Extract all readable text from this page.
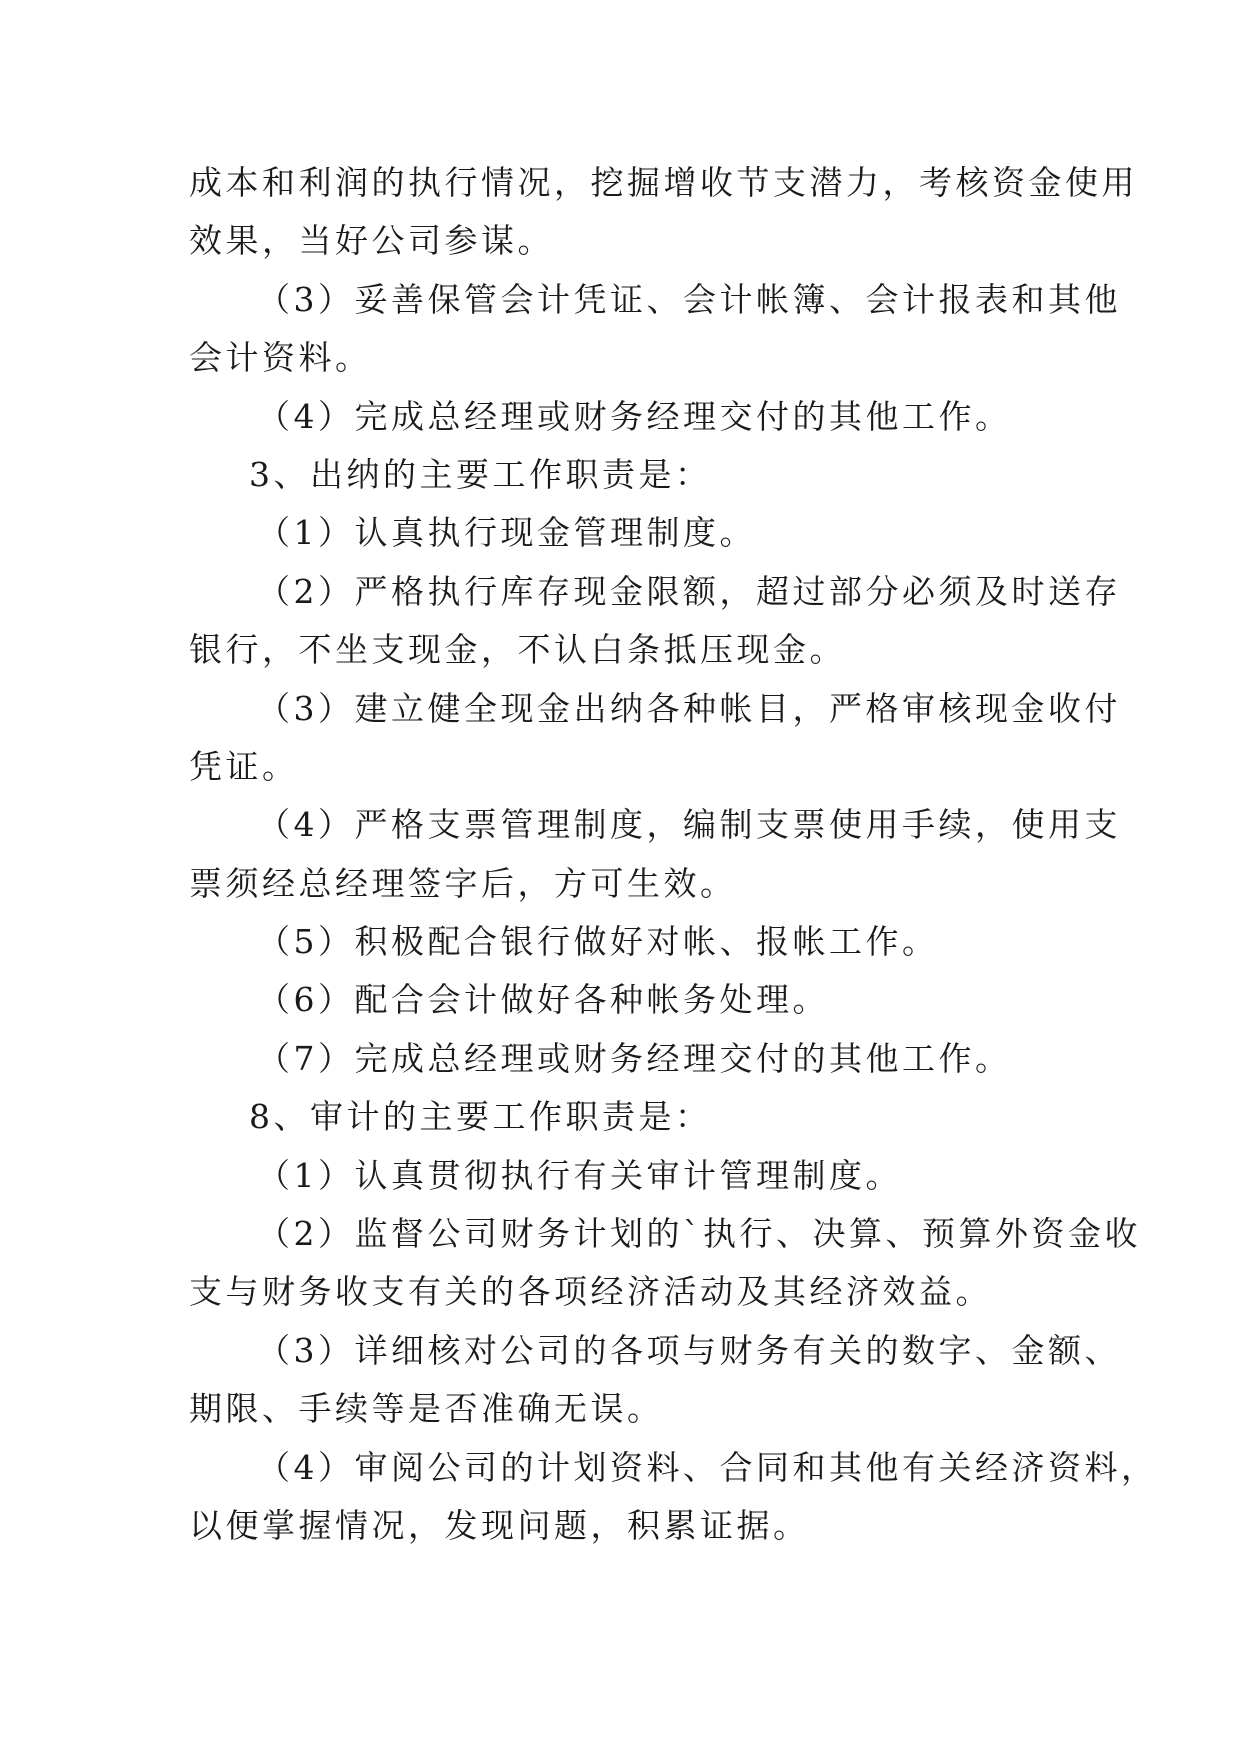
成本和利润的执行情况，挖掘增收节支潜力，考核资金使用
效果，当好公司参谋。
（3）妥善保管会计凭证、会计帐簿、会计报表和其他
会计资料。
（4）完成总经理或财务经理交付的其他工作。
3、出纳的主要工作职责是：
（1）认真执行现金管理制度。
（2）严格执行库存现金限额，超过部分必须及时送存
银行，不坐支现金，不认白条抵压现金。
（3）建立健全现金出纳各种帐目，严格审核现金收付
凭证。
（4）严格支票管理制度，编制支票使用手续，使用支
票须经总经理签字后，方可生效。
（5）积极配合银行做好对帐、报帐工作。
（6）配合会计做好各种帐务处理。
（7）完成总经理或财务经理交付的其他工作。
8、审计的主要工作职责是：
（1）认真贯彻执行有关审计管理制度。
（2）监督公司财务计划的`执行、决算、预算外资金收
支与财务收支有关的各项经济活动及其经济效益。
（3）详细核对公司的各项与财务有关的数字、金额、
期限、手续等是否准确无误。
（4）审阅公司的计划资料、合同和其他有关经济资料，
以便掌握情况，发现问题，积累证据。
